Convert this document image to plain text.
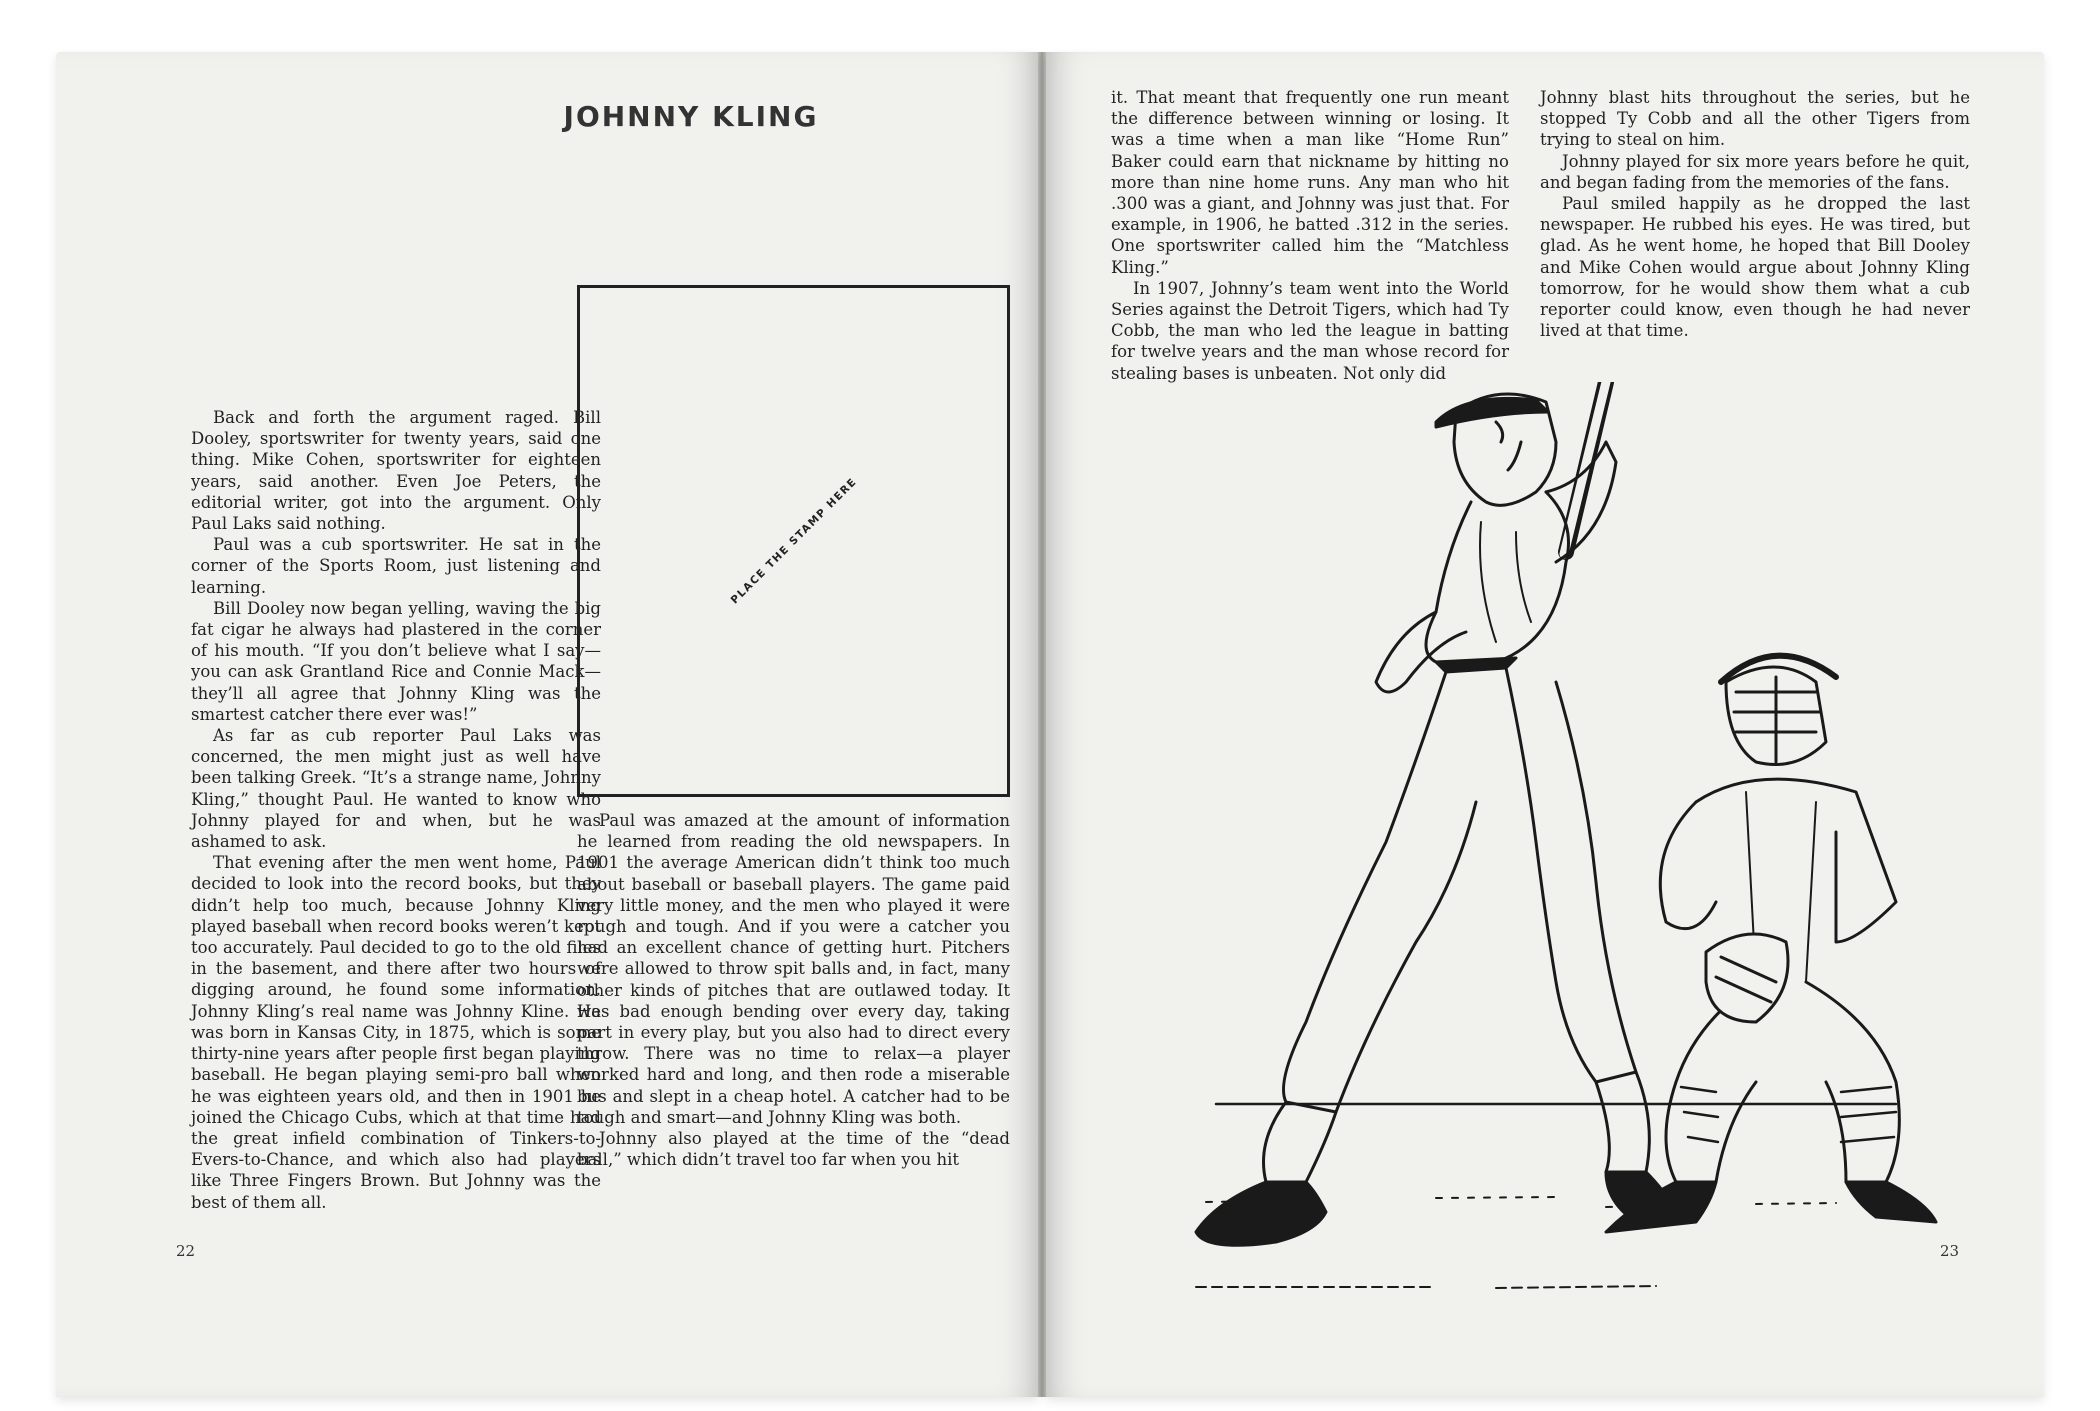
JOHNNY KLING

Back and forth the argument raged. Bill Dooley, sportswriter for twenty years, said one thing. Mike Cohen, sportswriter for eighteen years, said another. Even Joe Peters, the editorial writer, got into the argument. Only Paul Laks said nothing.

Paul was a cub sportswriter. He sat in the corner of the Sports Room, just listening and learning.

Bill Dooley now began yelling, waving the big fat cigar he always had plastered in the corner of his mouth. “If you don’t believe what I say—you can ask Grantland Rice and Connie Mack—they’ll all agree that Johnny Kling was the smartest catcher there ever was!”

As far as cub reporter Paul Laks was concerned, the men might just as well have been talking Greek. “It’s a strange name, Johnny Kling,” thought Paul. He wanted to know who Johnny played for and when, but he was ashamed to ask.

That evening after the men went home, Paul decided to look into the record books, but they didn’t help too much, because Johnny Kling played baseball when record books weren’t kept too accurately. Paul decided to go to the old files in the basement, and there after two hours of digging around, he found some information. Johnny Kling’s real name was Johnny Kline. He was born in Kansas City, in 1875, which is some thirty-nine years after people first began playing baseball. He began playing semi-pro ball when he was eighteen years old, and then in 1901 he joined the Chicago Cubs, which at that time had the great infield combination of Tinkers-to-Evers-to-Chance, and which also had players like Three Fingers Brown. But Johnny was the best of them all.

PLACE THE STAMP HERE

Paul was amazed at the amount of information he learned from reading the old newspapers. In 1901 the average American didn’t think too much about baseball or baseball players. The game paid very little money, and the men who played it were rough and tough. And if you were a catcher you had an excellent chance of getting hurt. Pitchers were allowed to throw spit balls and, in fact, many other kinds of pitches that are outlawed today. It was bad enough bending over every day, taking part in every play, but you also had to direct every throw. There was no time to relax—a player worked hard and long, and then rode a miserable bus and slept in a cheap hotel. A catcher had to be tough and smart—and Johnny Kling was both.

Johnny also played at the time of the “dead ball,” which didn’t travel too far when you hit

22

it. That meant that frequently one run meant the difference between winning or losing. It was a time when a man like “Home Run” Baker could earn that nickname by hitting no more than nine home runs. Any man who hit .300 was a giant, and Johnny was just that. For example, in 1906, he batted .312 in the series. One sportswriter called him the “Matchless Kling.”

In 1907, Johnny’s team went into the World Series against the Detroit Tigers, which had Ty Cobb, the man who led the league in batting for twelve years and the man whose record for stealing bases is unbeaten. Not only did

Johnny blast hits throughout the series, but he stopped Ty Cobb and all the other Tigers from trying to steal on him.

Johnny played for six more years before he quit, and began fading from the memories of the fans.

Paul smiled happily as he dropped the last newspaper. He rubbed his eyes. He was tired, but glad. As he went home, he hoped that Bill Dooley and Mike Cohen would argue about Johnny Kling tomorrow, for he would show them what a cub reporter could know, even though he had never lived at that time.

23
